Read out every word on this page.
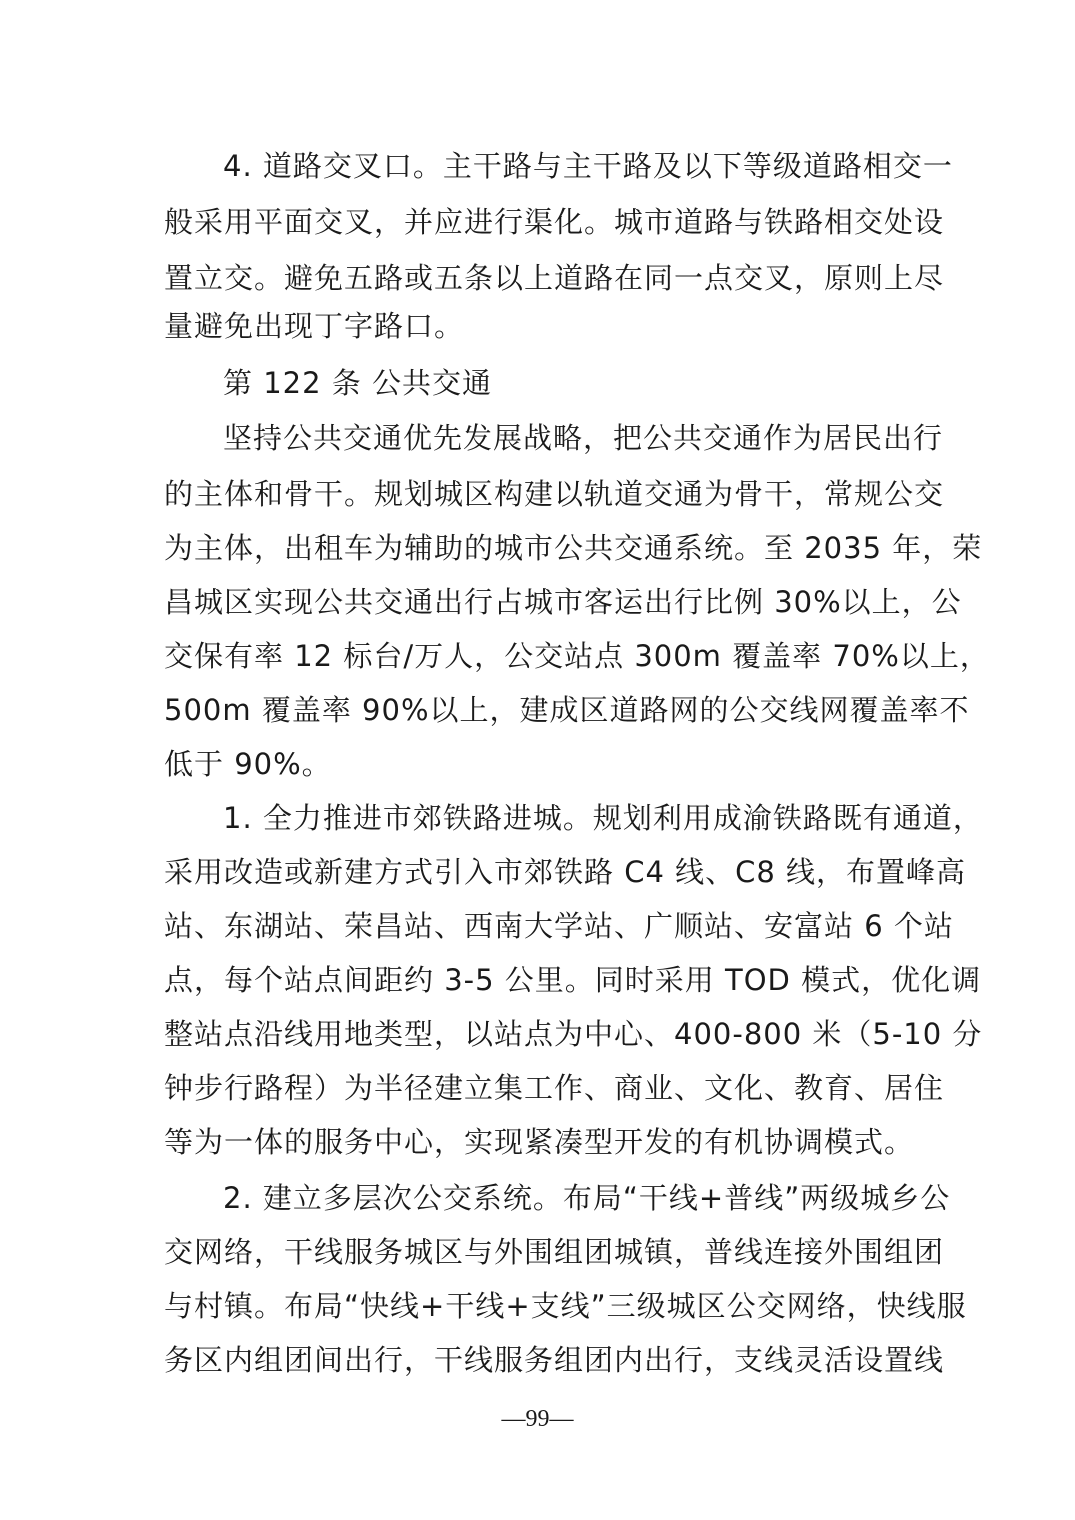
4. 道路交叉口。主干路与主干路及以下等级道路相交一
般采用平面交叉，并应进行渠化。城市道路与铁路相交处设
置立交。避免五路或五条以上道路在同一点交叉，原则上尽
量避免出现丁字路口。
第 122 条 公共交通
坚持公共交通优先发展战略，把公共交通作为居民出行
的主体和骨干。规划城区构建以轨道交通为骨干，常规公交
为主体，出租车为辅助的城市公共交通系统。至 2035 年，荣
昌城区实现公共交通出行占城市客运出行比例 30%以上，公
交保有率 12 标台/万人，公交站点 300m 覆盖率 70%以上，
500m 覆盖率 90%以上，建成区道路网的公交线网覆盖率不
低于 90%。
1. 全力推进市郊铁路进城。规划利用成渝铁路既有通道，
采用改造或新建方式引入市郊铁路 C4 线、C8 线，布置峰高
站、东湖站、荣昌站、西南大学站、广顺站、安富站 6 个站
点，每个站点间距约 3-5 公里。同时采用 TOD 模式，优化调
整站点沿线用地类型，以站点为中心、400-800 米（5-10 分
钟步行路程）为半径建立集工作、商业、文化、教育、居住
等为一体的服务中心，实现紧凑型开发的有机协调模式。
2. 建立多层次公交系统。布局“干线+普线”两级城乡公
交网络，干线服务城区与外围组团城镇，普线连接外围组团
与村镇。布局“快线+干线+支线”三级城区公交网络，快线服
务区内组团间出行，干线服务组团内出行，支线灵活设置线
—99—
